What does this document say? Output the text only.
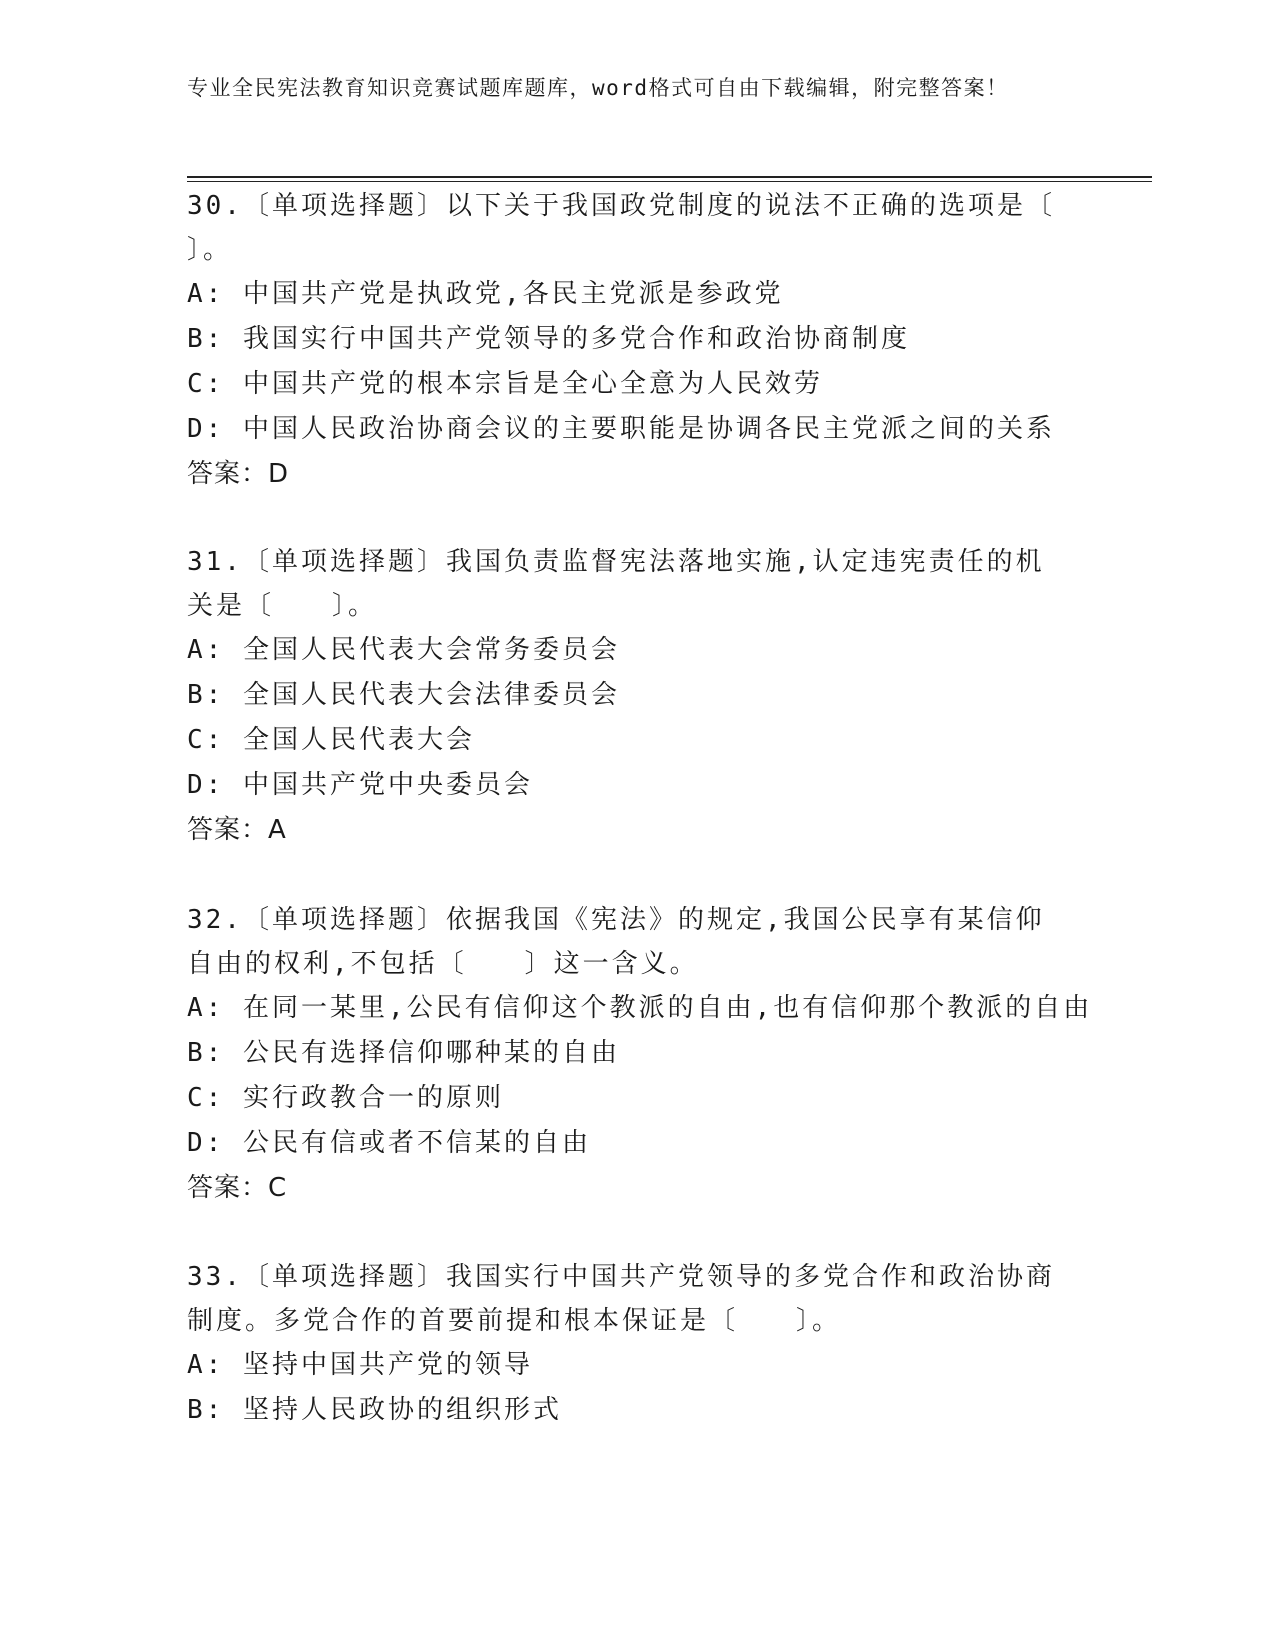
专业全民宪法教育知识竞赛试题库题库，word格式可自由下载编辑，附完整答案！
30.〔单项选择题〕以下关于我国政党制度的说法不正确的选项是〔 〕。
A: 中国共产党是执政党,各民主党派是参政党
B: 我国实行中国共产党领导的多党合作和政治协商制度
C: 中国共产党的根本宗旨是全心全意为人民效劳
D: 中国人民政治协商会议的主要职能是协调各民主党派之间的关系
答案：D
31.〔单项选择题〕我国负责监督宪法落地实施,认定违宪责任的机关是〔　　〕。
A: 全国人民代表大会常务委员会
B: 全国人民代表大会法律委员会
C: 全国人民代表大会
D: 中国共产党中央委员会
答案：A
32.〔单项选择题〕依据我国《宪法》的规定,我国公民享有某信仰自由的权利,不包括〔　　〕这一含义。
A: 在同一某里,公民有信仰这个教派的自由,也有信仰那个教派的自由
B: 公民有选择信仰哪种某的自由
C: 实行政教合一的原则
D: 公民有信或者不信某的自由
答案：C
33.〔单项选择题〕我国实行中国共产党领导的多党合作和政治协商制度。多党合作的首要前提和根本保证是〔　　〕。
A: 坚持中国共产党的领导
B: 坚持人民政协的组织形式
